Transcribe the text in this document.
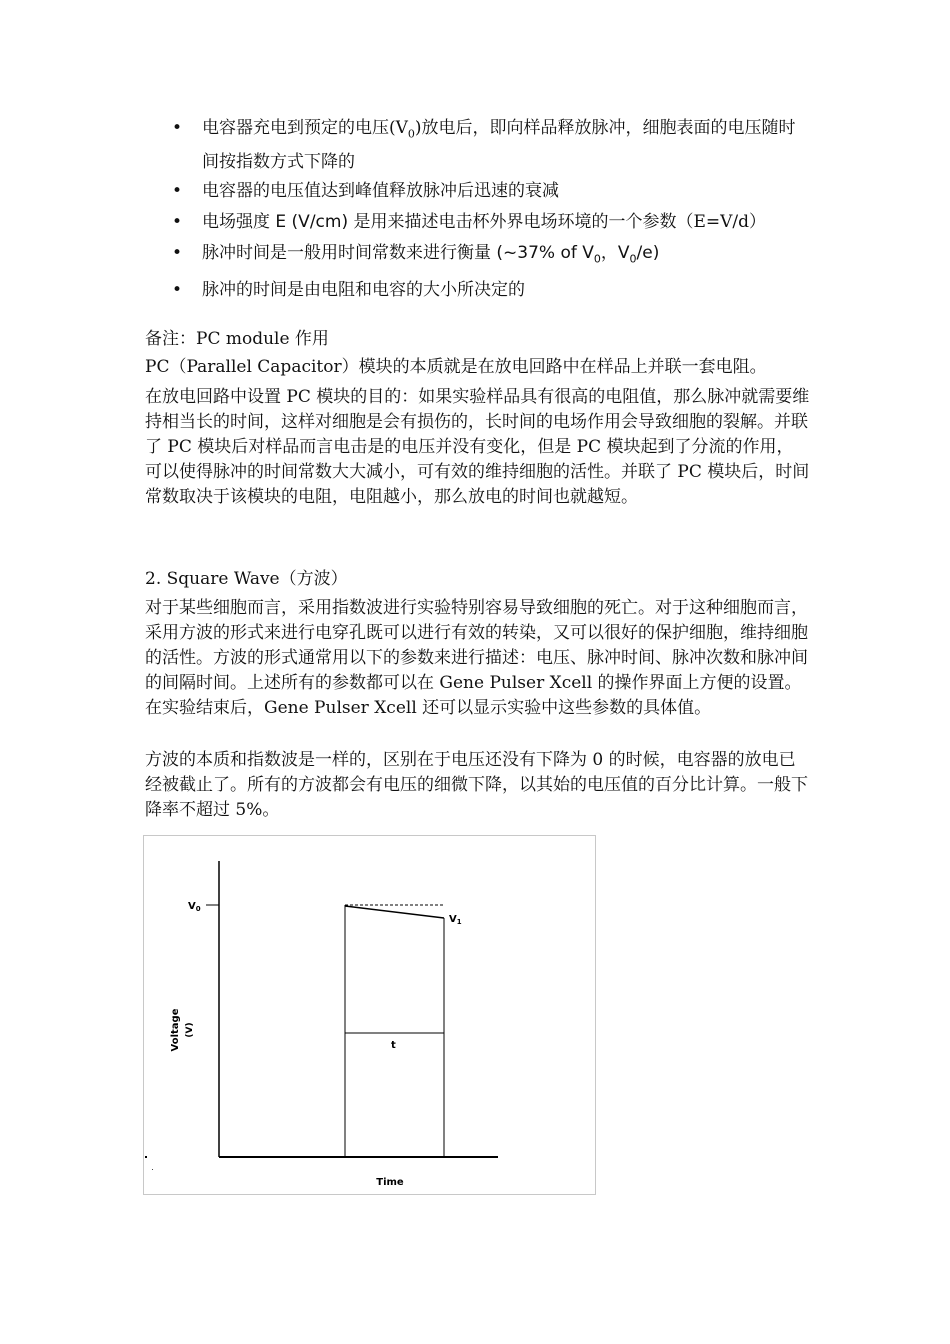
• 电容器充电到预定的电压$(V_0)$放电后，即向样品释放脉冲，细胞表面的电压随时间按指数方式下降的
• 电容器的电压值达到峰值释放脉冲后迅速的衰减
• 电场强度 E (V/cm) 是用来描述电击杯外界电场环境的一个参数（E=V/d）
• 脉冲时间是一般用时间常数来进行衡量 (~37% of $V_0$，$V_0/e$)
• 脉冲的时间是由电阻和电容的大小所决定的

备注：PC module 作用

PC（Parallel Capacitor）模块的本质就是在放电回路中在样品上并联一套电阻。

在放电回路中设置 PC 模块的目的：如果实验样品具有很高的电阻值，那么脉冲就需要维持相当长的时间，这样对细胞是会有损伤的，长时间的电场作用会导致细胞的裂解。并联了 PC 模块后对样品而言电击是的电压并没有变化，但是 PC 模块起到了分流的作用，可以使得脉冲的时间常数大大减小，可有效的维持细胞的活性。并联了 PC 模块后，时间常数取决于该模块的电阻，电阻越小，那么放电的时间也就越短。

2. Square Wave（方波）

对于某些细胞而言，采用指数波进行实验特别容易导致细胞的死亡。对于这种细胞而言，采用方波的形式来进行电穿孔既可以进行有效的转染，又可以很好的保护细胞，维持细胞的活性。方波的形式通常用以下的参数来进行描述：电压、脉冲时间、脉冲次数和脉冲间的间隔时间。上述所有的参数都可以在 Gene Pulser Xcell 的操作界面上方便的设置。在实验结束后，Gene Pulser Xcell 还可以显示实验中这些参数的具体值。

方波的本质和指数波是一样的，区别在于电压还没有下降为 0 的时候，电容器的放电已经被截止了。所有的方波都会有电压的细微下降，以其始的电压值的百分比计算。一般下降率不超过 5%。

$V_0$
$V_1$
t
Voltage (V)
Time
